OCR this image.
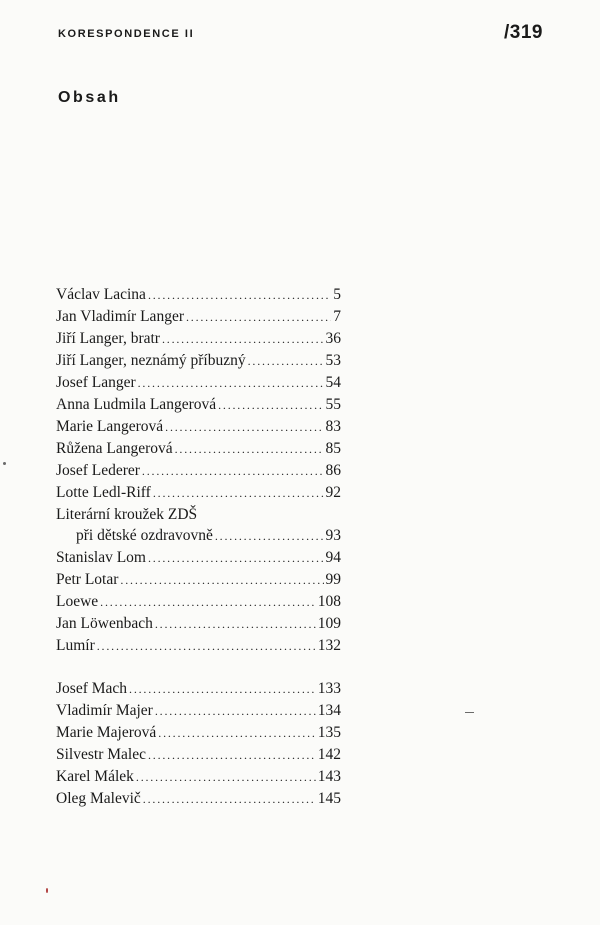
KORESPONDENCE II	/319
Obsah
Václav Lacina . . .	5
Jan Vladimír Langer . . .	7
Jiří Langer, bratr . . .	36
Jiří Langer, neznámý příbuzný . . .	53
Josef Langer . . .	54
Anna Ludmila Langerová . . .	55
Marie Langerová . . .	83
Růžena Langerová . . .	85
Josef Lederer . . .	86
Lotte Ledl-Riff . . .	92
Literární kroužek ZDŠ
při dětské ozdravovně . . .	93
Stanislav Lom . . .	94
Petr Lotar . . .	99
Loewe . . .	108
Jan Löwenbach . . .	109
Lumír . . .	132
Josef Mach . . .	133
Vladimír Majer . . .	134
Marie Majerová . . .	135
Silvestr Malec . . .	142
Karel Málek . . .	143
Oleg Malevič . . .	145
